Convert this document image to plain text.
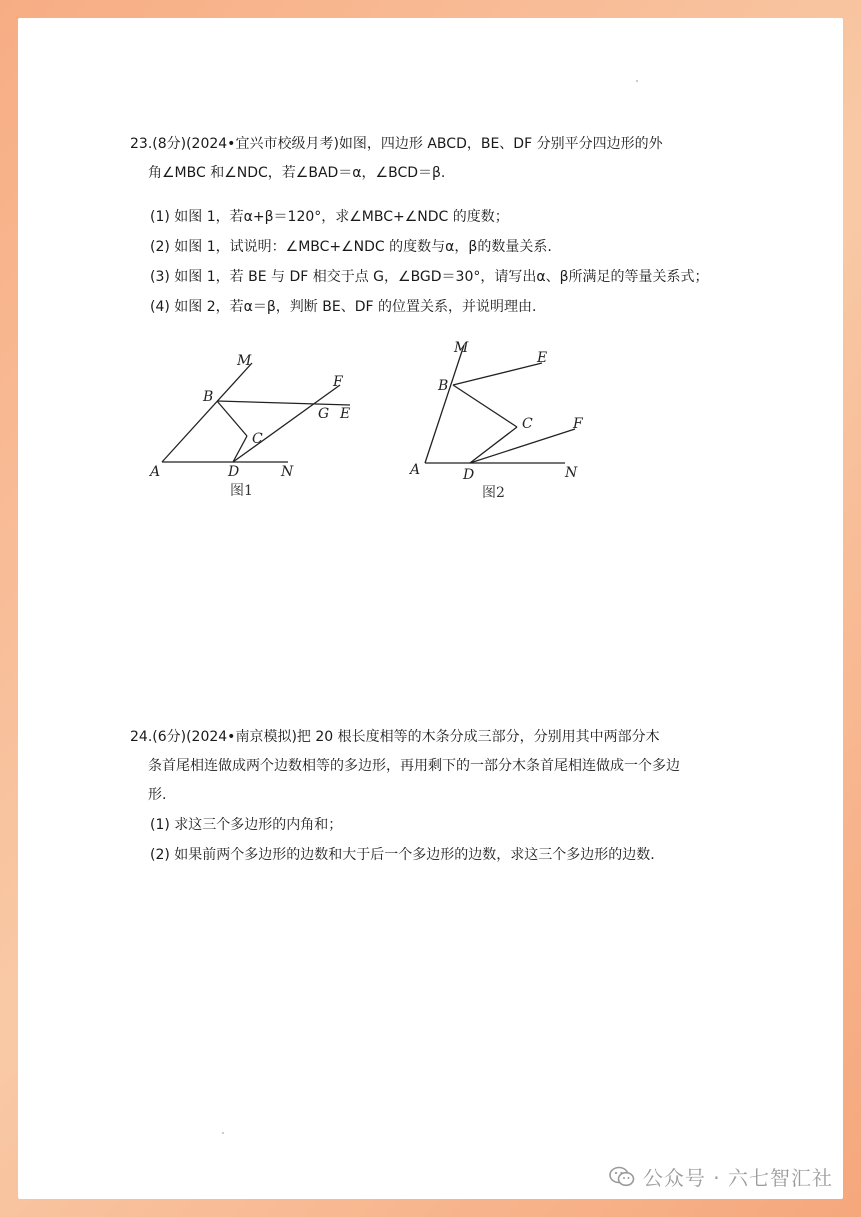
23.(8分)(2024•宜兴市校级月考)如图，四边形 ABCD，BE、DF 分别平分四边形的外

角∠MBC 和∠NDC，若∠BAD＝α，∠BCD＝β.

(1) 如图 1，若α+β＝120°，求∠MBC+∠NDC 的度数；

(2) 如图 1，试说明：∠MBC+∠NDC 的度数与α，β的数量关系.

(3) 如图 1，若 BE 与 DF 相交于点 G，∠BGD＝30°，请写出α、β所满足的等量关系式；

(4) 如图 2，若α＝β，判断 BE、DF 的位置关系，并说明理由.

M
B
F
G E
C
A	D	N
图1
M
E
B
C	F
A	D	N
图2

24.(6分)(2024•南京模拟)把 20 根长度相等的木条分成三部分，分别用其中两部分木

条首尾相连做成两个边数相等的多边形，再用剩下的一部分木条首尾相连做成一个多边

形.

(1) 求这三个多边形的内角和；

(2) 如果前两个多边形的边数和大于后一个多边形的边数，求这三个多边形的边数.

公众号 · 六七智汇社
